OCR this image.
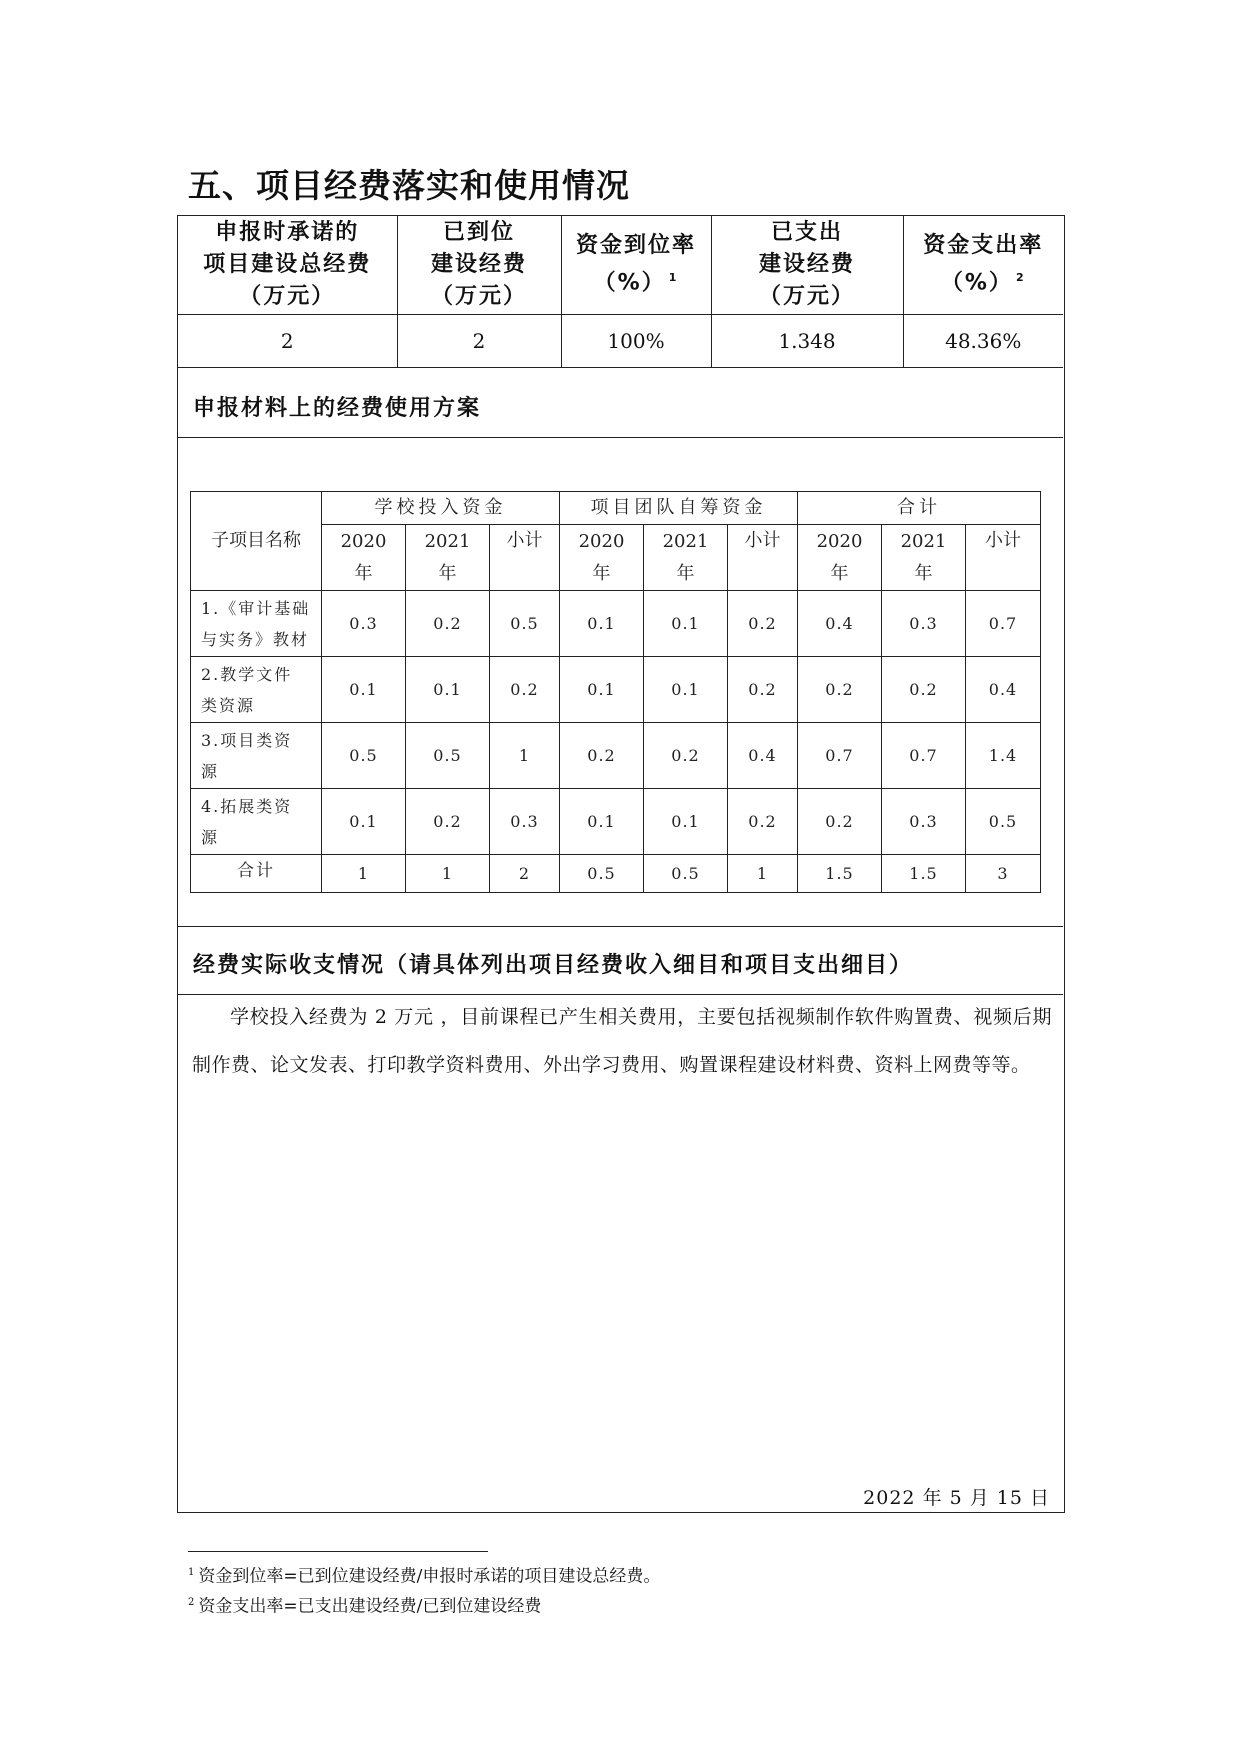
五、项目经费落实和使用情况
申报时承诺的
项目建设总经费
（万元）	已到位
建设经费
（万元）	资金到位率
（%） $^1$	已支出
建设经费
（万元）	资金支出率
（%） $^2$

2	2	100%	1.348	48.36%
申报材料上的经费使用方案
子项目名称	学校投入资金			项目团队自筹资金			合计		

	2020
年	2021
年	小计	2020
年	2021
年	小计	2020
年	2021
年	小计

1.《审计基础
与实务》教材	0.3	0.2	0.5	0.1	0.1	0.2	0.4	0.3	0.7

2.教学文件
类资源	0.1	0.1	0.2	0.1	0.1	0.2	0.2	0.2	0.4

3.项目类资
源	0.5	0.5	1	0.2	0.2	0.4	0.7	0.7	1.4

4.拓展类资
源	0.1	0.2	0.3	0.1	0.1	0.2	0.2	0.3	0.5
合计	1	1	2	0.5	0.5	1	1.5	1.5	3
经费实际收支情况（请具体列出项目经费收入细目和项目支出细目）

学校投入经费为 2 万元 ，目前课程已产生相关费用，主要包括视频制作软件购置费、视频后期制作费、论文发表、打印教学资料费用、外出学习费用、购置课程建设材料费、资料上网费等等。

2022 年 5 月 15 日
$^1$ 资金到位率=已到位建设经费/申报时承诺的项目建设总经费。
$^2$ 资金支出率=已支出建设经费/已到位建设经费
